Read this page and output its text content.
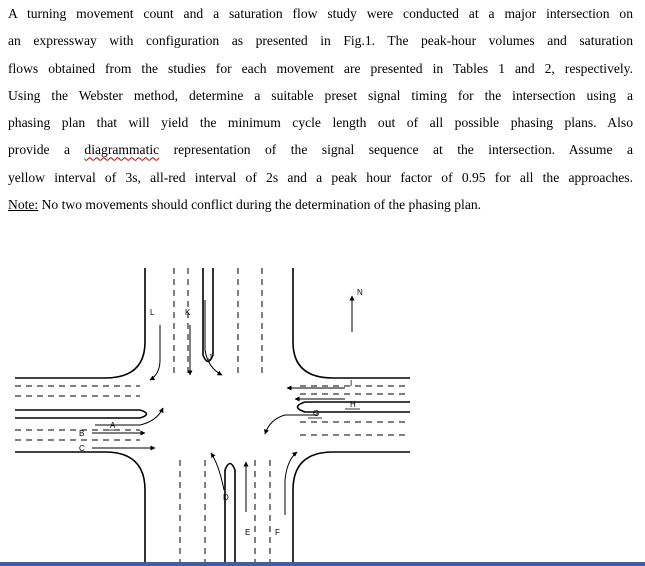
A turning movement count and a saturation flow study were conducted at a major intersection on
an expressway with configuration as presented in Fig.1. The peak-hour volumes and saturation
flows obtained from the studies for each movement are presented in Tables 1 and 2, respectively.
Using the Webster method, determine a suitable preset signal timing for the intersection using a
phasing plan that will yield the minimum cycle length out of all possible phasing plans. Also
provide a diagrammatic representation of the signal sequence at the intersection. Assume a
yellow interval of 3s, all-red interval of 2s and a peak hour factor of 0.95 for all the approaches.
Note: No two movements should conflict during the determination of the phasing plan.
N
L	K
J
I
H
G
A
B
C
D
E	F
